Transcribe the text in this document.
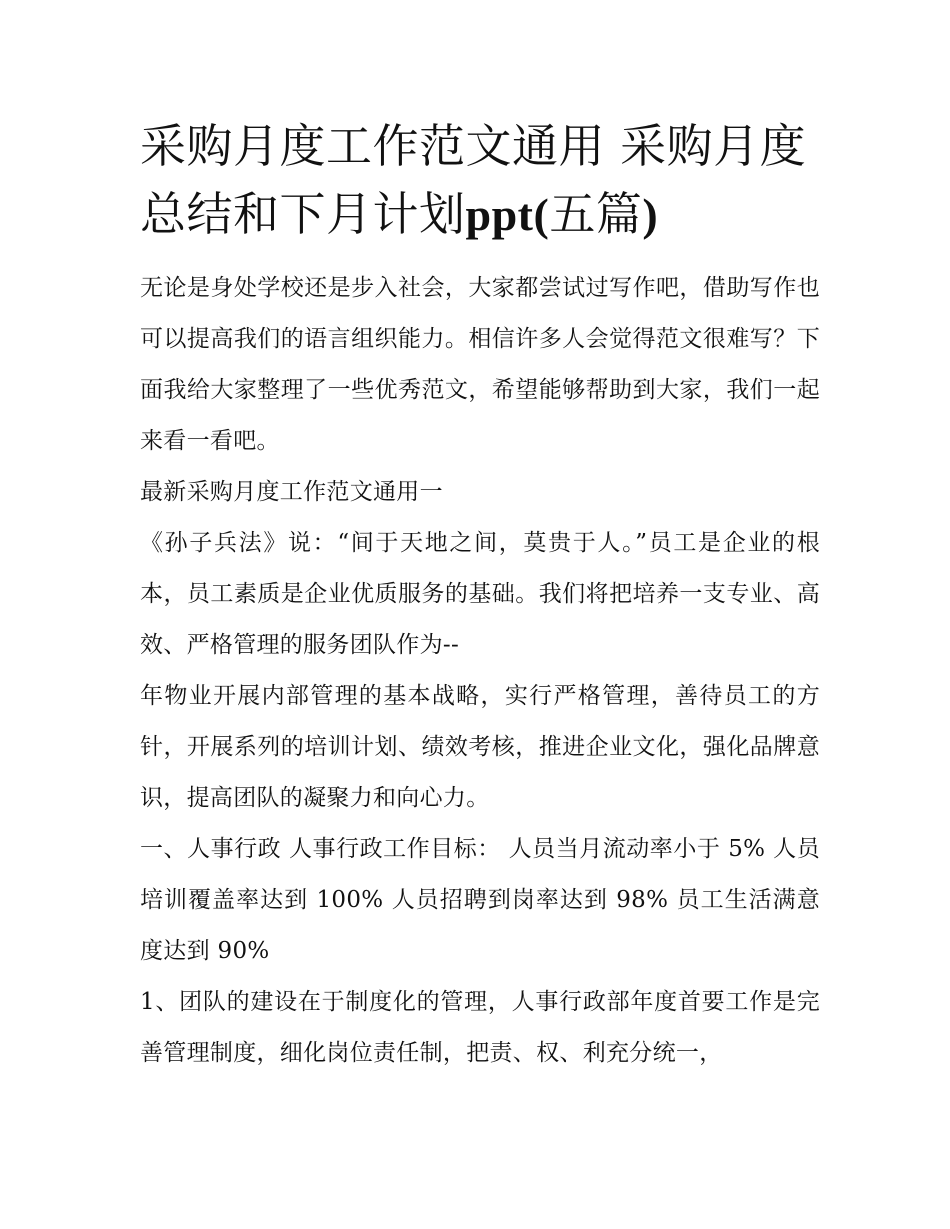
采购月度工作范文通用 采购月度总结和下月计划ppt(五篇)

无论是身处学校还是步入社会，大家都尝试过写作吧，借助写作也可以提高我们的语言组织能力。相信许多人会觉得范文很难写？下面我给大家整理了一些优秀范文，希望能够帮助到大家，我们一起来看一看吧。

最新采购月度工作范文通用一

《孙子兵法》说：“间于天地之间，莫贵于人。”员工是企业的根本，员工素质是企业优质服务的基础。我们将把培养一支专业、高效、严格管理的服务团队作为--

年物业开展内部管理的基本战略，实行严格管理，善待员工的方针，开展系列的培训计划、绩效考核，推进企业文化，强化品牌意识，提高团队的凝聚力和向心力。

一、人事行政 人事行政工作目标： 人员当月流动率小于 5% 人员培训覆盖率达到 100% 人员招聘到岗率达到 98% 员工生活满意度达到 90%

1、团队的建设在于制度化的管理，人事行政部年度首要工作是完善管理制度，细化岗位责任制，把责、权、利充分统一，
